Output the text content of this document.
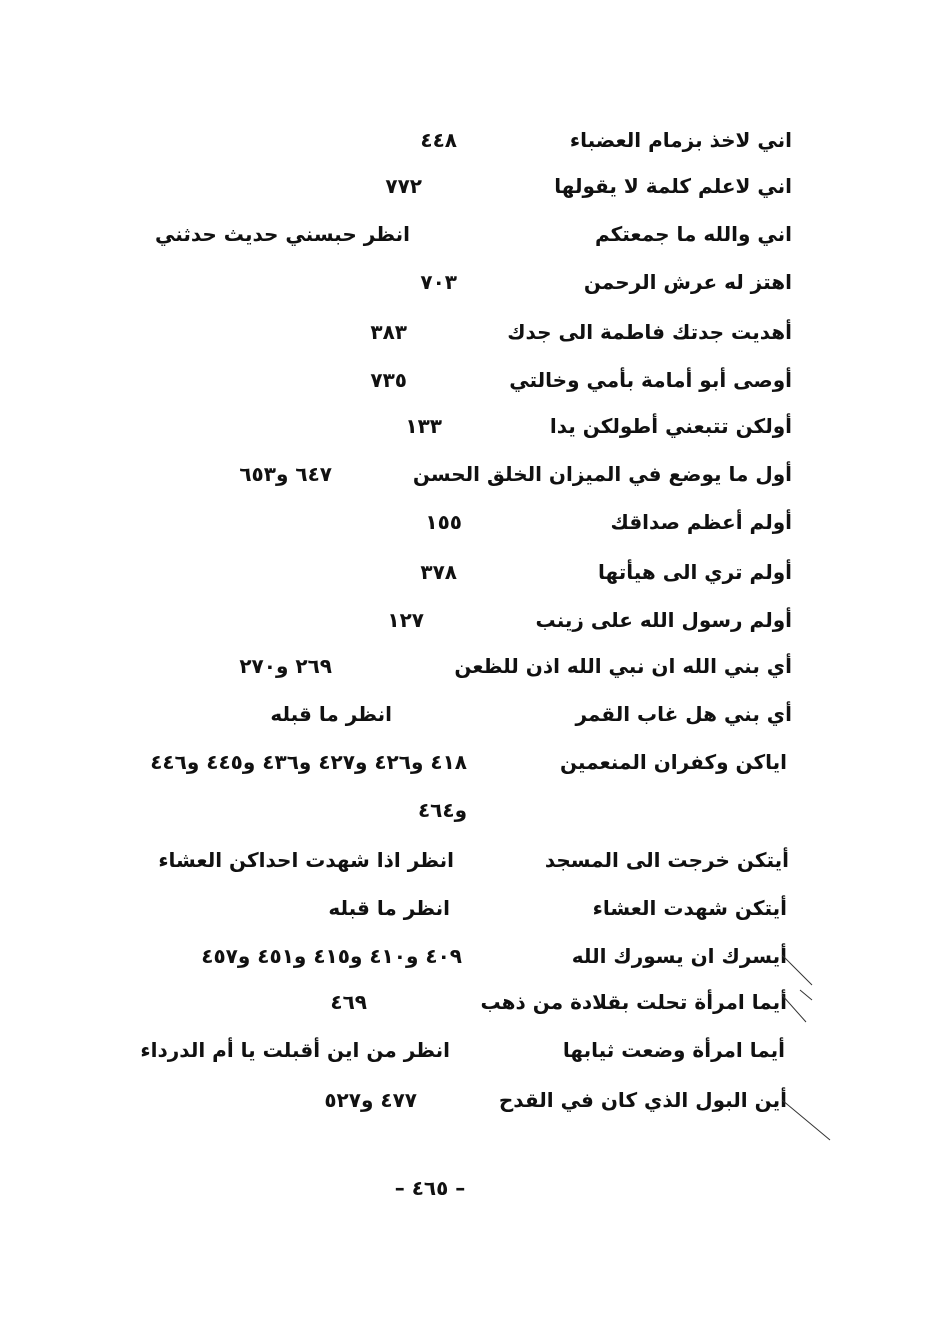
اني لاخذ بزمام العضباء
٤٤٨
اني لاعلم كلمة لا يقولها
٧٧٢
اني والله ما جمعتكم
انظر حبسني حديث حدثني
اهتز له عرش الرحمن
٧٠٣
أهديت جدتك فاطمة الى جدك
٣٨٣
أوصى أبو أمامة بأمي وخالتي
٧٣٥
أولكن تتبعني أطولكن يدا
١٣٣
أول ما يوضع في الميزان الخلق الحسن
٦٤٧ و٦٥٣
أولم أعظم صداقك
١٥٥
أولم تري الى هيأتها
٣٧٨
أولم رسول الله على زينب
١٢٧
أي بني الله ان نبي الله اذن للظعن
٢٦٩ و٢٧٠
أي بني هل غاب القمر
انظر ما قبله
اياكن وكفران المنعمين
٤١٨ و٤٢٦ و٤٢٧ و٤٣٦ و٤٤٥ و٤٤٦
و٤٦٤
أيتكن خرجت الى المسجد
انظر اذا شهدت احداكن العشاء
أيتكن شهدت العشاء
انظر ما قبله
أيسرك ان يسورك الله
٤٠٩ و٤١٠ و٤١٥ و٤٥١ و٤٥٧
أيما امرأة تحلت بقلادة من ذهب
٤٦٩
أيما امرأة وضعت ثيابها
انظر من اين أقبلت يا أم الدرداء
أين البول الذي كان في القدح
٤٧٧ و٥٢٧
– ٤٦٥ –
